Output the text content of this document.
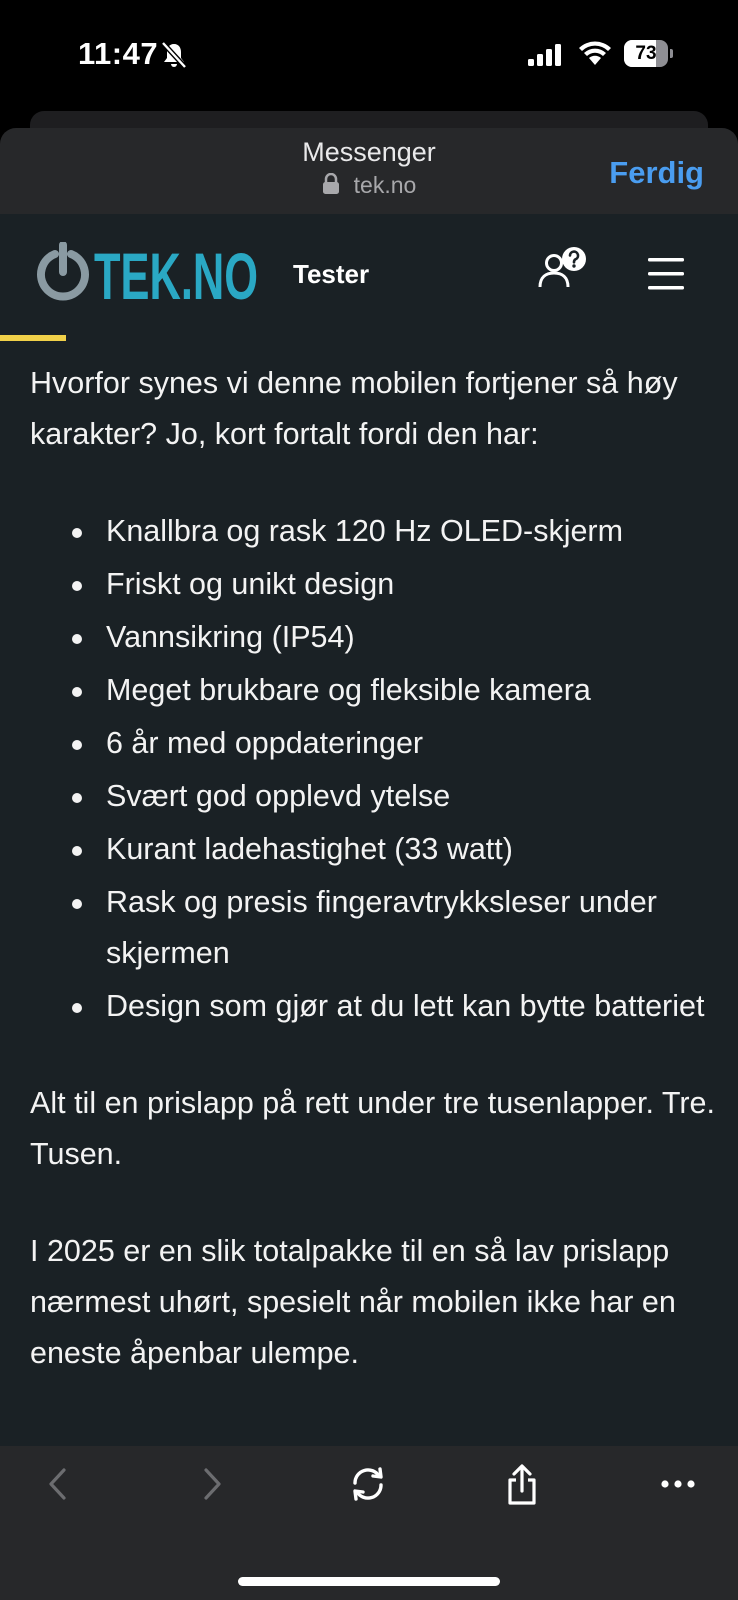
11:47	73
Messenger
tek.no	Ferdig
TEK.NO Tester

Hvorfor synes vi denne mobilen fortjener så høy karakter? Jo, kort fortalt fordi den har:

Knallbra og rask 120 Hz OLED-skjerm
Friskt og unikt design
Vannsikring (IP54)
Meget brukbare og fleksible kamera
6 år med oppdateringer
Svært god opplevd ytelse
Kurant ladehastighet (33 watt)
Rask og presis fingeravtrykksleser under skjermen
Design som gjør at du lett kan bytte batteriet

Alt til en prislapp på rett under tre tusenlapper. Tre. Tusen.

I 2025 er en slik totalpakke til en så lav prislapp nærmest uhørt, spesielt når mobilen ikke har en eneste åpenbar ulempe.
